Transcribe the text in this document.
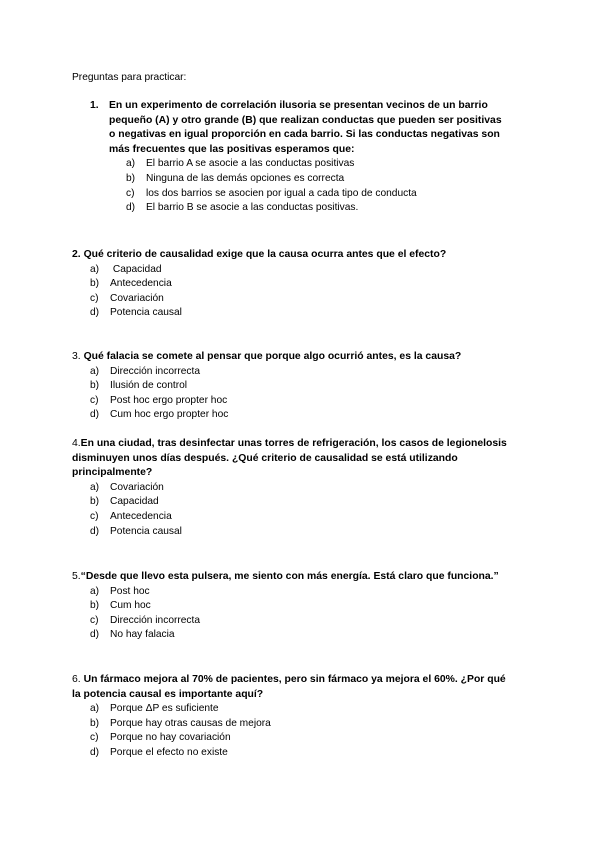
Preguntas para practicar:
1. En un experimento de correlación ilusoria se presentan vecinos de un barrio pequeño (A) y otro grande (B) que realizan conductas que pueden ser positivas o negativas en igual proporción en cada barrio. Si las conductas negativas son más frecuentes que las positivas esperamos que:
a)	El barrio A se asocie a las conductas positivas
b)	Ninguna de las demás opciones es correcta
c)	los dos barrios se asocien por igual a cada tipo de conducta
d)	El barrio B se asocie a las conductas positivas.
2. Qué criterio de causalidad exige que la causa ocurra antes que el efecto?
a)	Capacidad
b)	Antecedencia
c)	Covariación
d)	Potencia causal
3. Qué falacia se comete al pensar que porque algo ocurrió antes, es la causa?
a)	Dirección incorrecta
b)	Ilusión de control
c)	Post hoc ergo propter hoc
d)	Cum hoc ergo propter hoc
4.En una ciudad, tras desinfectar unas torres de refrigeración, los casos de legionelosis disminuyen unos días después. ¿Qué criterio de causalidad se está utilizando principalmente?
a)	Covariación
b)	Capacidad
c)	Antecedencia
d)	Potencia causal
5.“Desde que llevo esta pulsera, me siento con más energía. Está claro que funciona.”
a)	Post hoc
b)	Cum hoc
c)	Dirección incorrecta
d)	No hay falacia
6. Un fármaco mejora al 70% de pacientes, pero sin fármaco ya mejora el 60%. ¿Por qué la potencia causal es importante aquí?
a)	Porque ΔP es suficiente
b)	Porque hay otras causas de mejora
c)	Porque no hay covariación
d)	Porque el efecto no existe
